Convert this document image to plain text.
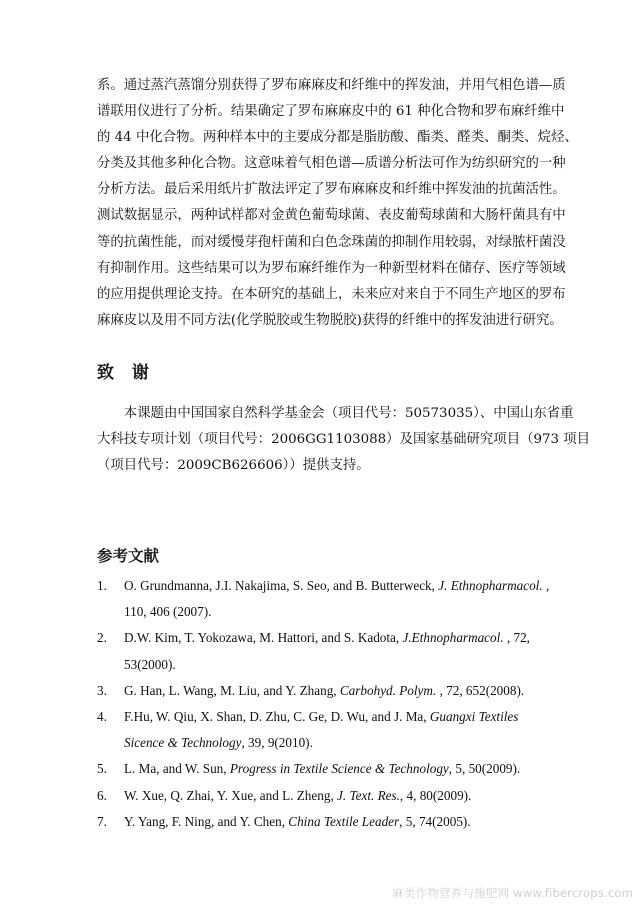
系。通过蒸汽蒸馏分别获得了罗布麻麻皮和纤维中的挥发油，并用气相色谱—质
谱联用仪进行了分析。结果确定了罗布麻麻皮中的 61 种化合物和罗布麻纤维中
的 44 中化合物。两种样本中的主要成分都是脂肪酸、酯类、醛类、酮类、烷烃、
分类及其他多种化合物。这意味着气相色谱—质谱分析法可作为纺织研究的一种
分析方法。最后采用纸片扩散法评定了罗布麻麻皮和纤维中挥发油的抗菌活性。
测试数据显示，两种试样都对金黄色葡萄球菌、表皮葡萄球菌和大肠杆菌具有中
等的抗菌性能，而对缓慢芽孢杆菌和白色念珠菌的抑制作用较弱，对绿脓杆菌没
有抑制作用。这些结果可以为罗布麻纤维作为一种新型材料在储存、医疗等领域
的应用提供理论支持。在本研究的基础上，未来应对来自于不同生产地区的罗布
麻麻皮以及用不同方法(化学脱胶或生物脱胶)获得的纤维中的挥发油进行研究。
致 谢
　　本课题由中国国家自然科学基金会（项目代号：50573035）、中国山东省重
大科技专项计划（项目代号：2006GG1103088）及国家基础研究项目（973 项目
（项目代号：2009CB626606））提供支持。
参考文献
1. O. Grundmanna, J.I. Nakajima, S. Seo, and B. Butterweck, J. Ethnopharmacol. ,
110, 406 (2007).
2. D.W. Kim, T. Yokozawa, M. Hattori, and S. Kadota, J.Ethnopharmacol. , 72,
53(2000).
3. G. Han, L. Wang, M. Liu, and Y. Zhang, Carbohyd. Polym. , 72, 652(2008).
4. F.Hu, W. Qiu, X. Shan, D. Zhu, C. Ge, D. Wu, and J. Ma, Guangxi Textiles
Sicence & Technology, 39, 9(2010).
5. L. Ma, and W. Sun, Progress in Textile Science & Technology, 5, 50(2009).
6. W. Xue, Q. Zhai, Y. Xue, and L. Zheng, J. Text. Res., 4, 80(2009).
7. Y. Yang, F. Ning, and Y. Chen, China Textile Leader, 5, 74(2005).
麻类作物营养与施肥网 www.fibercrops.com
